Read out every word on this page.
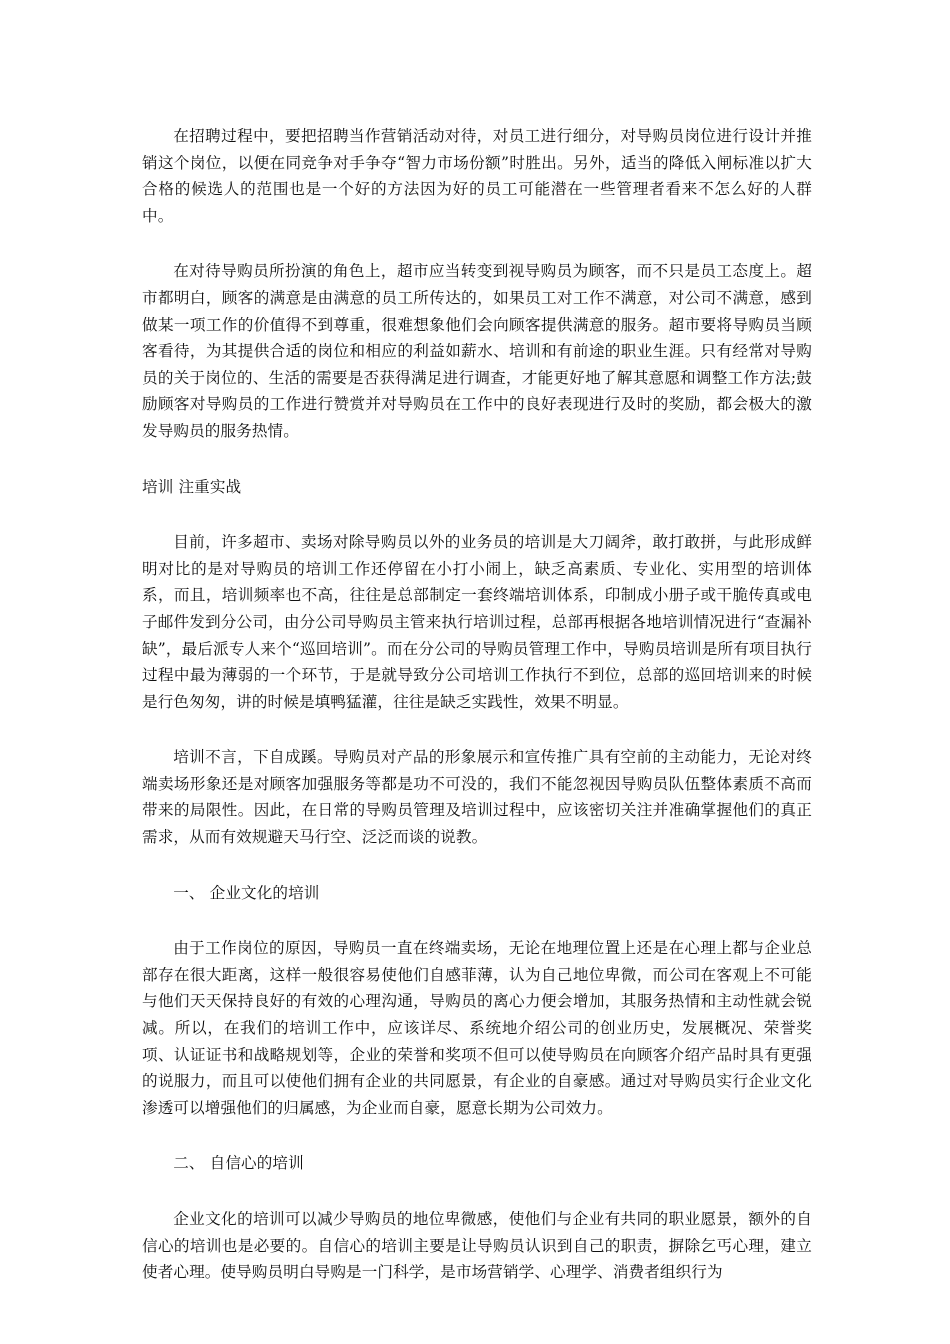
在招聘过程中，要把招聘当作营销活动对待，对员工进行细分，对导购员岗位进行设计并推销这个岗位，以便在同竞争对手争夺“智力市场份额”时胜出。另外，适当的降低入闸标准以扩大合格的候选人的范围也是一个好的方法因为好的员工可能潜在一些管理者看来不怎么好的人群中。

在对待导购员所扮演的角色上，超市应当转变到视导购员为顾客，而不只是员工态度上。超市都明白，顾客的满意是由满意的员工所传达的，如果员工对工作不满意，对公司不满意，感到做某一项工作的价值得不到尊重，很难想象他们会向顾客提供满意的服务。超市要将导购员当顾客看待，为其提供合适的岗位和相应的利益如薪水、培训和有前途的职业生涯。只有经常对导购员的关于岗位的、生活的需要是否获得满足进行调查，才能更好地了解其意愿和调整工作方法;鼓励顾客对导购员的工作进行赞赏并对导购员在工作中的良好表现进行及时的奖励，都会极大的激发导购员的服务热情。

培训 注重实战

目前，许多超市、卖场对除导购员以外的业务员的培训是大刀阔斧，敢打敢拼，与此形成鲜明对比的是对导购员的培训工作还停留在小打小闹上，缺乏高素质、专业化、实用型的培训体系，而且，培训频率也不高，往往是总部制定一套终端培训体系，印制成小册子或干脆传真或电子邮件发到分公司，由分公司导购员主管来执行培训过程，总部再根据各地培训情况进行“查漏补缺”，最后派专人来个“巡回培训”。而在分公司的导购员管理工作中，导购员培训是所有项目执行过程中最为薄弱的一个环节，于是就导致分公司培训工作执行不到位，总部的巡回培训来的时候是行色匆匆，讲的时候是填鸭猛灌，往往是缺乏实践性，效果不明显。

培训不言，下自成蹊。导购员对产品的形象展示和宣传推广具有空前的主动能力，无论对终端卖场形象还是对顾客加强服务等都是功不可没的，我们不能忽视因导购员队伍整体素质不高而带来的局限性。因此，在日常的导购员管理及培训过程中，应该密切关注并准确掌握他们的真正需求，从而有效规避天马行空、泛泛而谈的说教。

一、 企业文化的培训

由于工作岗位的原因，导购员一直在终端卖场，无论在地理位置上还是在心理上都与企业总部存在很大距离，这样一般很容易使他们自感菲薄，认为自己地位卑微，而公司在客观上不可能与他们天天保持良好的有效的心理沟通，导购员的离心力便会增加，其服务热情和主动性就会锐减。所以，在我们的培训工作中，应该详尽、系统地介绍公司的创业历史，发展概况、荣誉奖项、认证证书和战略规划等，企业的荣誉和奖项不但可以使导购员在向顾客介绍产品时具有更强的说服力，而且可以使他们拥有企业的共同愿景，有企业的自豪感。通过对导购员实行企业文化渗透可以增强他们的归属感，为企业而自豪，愿意长期为公司效力。

二、 自信心的培训

企业文化的培训可以减少导购员的地位卑微感，使他们与企业有共同的职业愿景，额外的自信心的培训也是必要的。自信心的培训主要是让导购员认识到自己的职责，摒除乞丐心理，建立使者心理。使导购员明白导购是一门科学，是市场营销学、心理学、消费者组织行为
